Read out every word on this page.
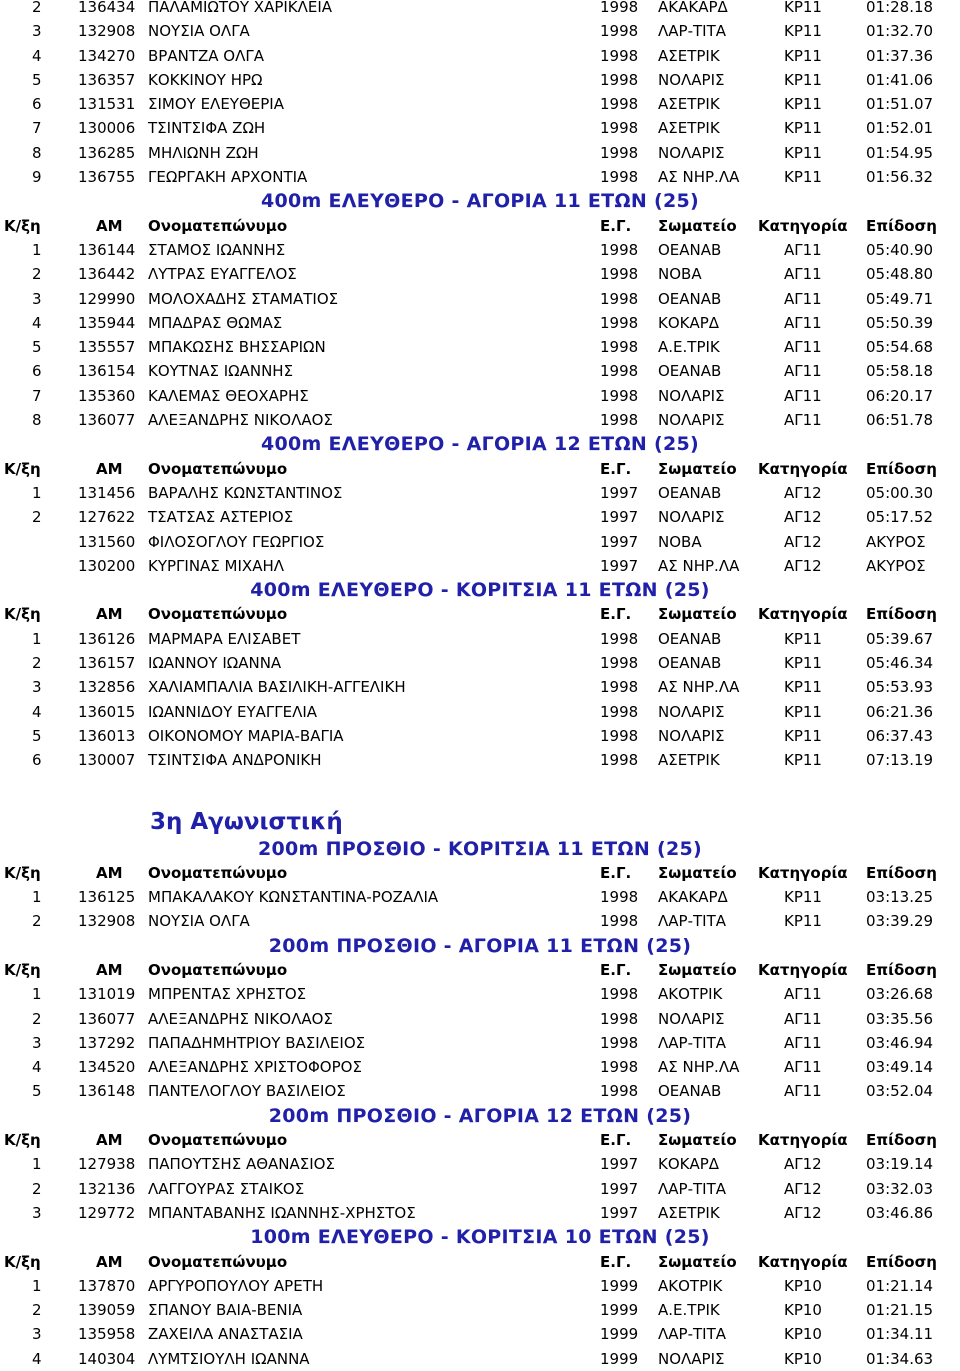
2 136434 ΠΑΛΑΜΙΩΤΟΥ ΧΑΡΙΚΛΕΙΑ	1998 ΑΚΑΚΑΡΔ	ΚΡ11	01:28.18
3 132908 ΝΟΥΣΙΑ ΟΛΓΑ	1998 ΛΑΡ-ΤΙΤΑ	ΚΡ11	01:32.70
4 134270 ΒΡΑΝΤΖΑ ΟΛΓΑ	1998 ΑΣΕΤΡΙΚ	ΚΡ11	01:37.36
5 136357 ΚΟΚΚΙΝΟΥ ΗΡΩ	1998 ΝΟΛΑΡΙΣ	ΚΡ11	01:41.06
6 131531 ΣΙΜΟΥ ΕΛΕΥΘΕΡΙΑ	1998 ΑΣΕΤΡΙΚ	ΚΡ11	01:51.07
7 130006 ΤΣΙΝΤΣΙΦΑ ΖΩΗ	1998 ΑΣΕΤΡΙΚ	ΚΡ11	01:52.01
8 136285 ΜΗΛΙΩΝΗ ΖΩΗ	1998 ΝΟΛΑΡΙΣ	ΚΡ11	01:54.95
9 136755 ΓΕΩΡΓΑΚΗ ΑΡΧΟΝΤΙΑ	1998 ΑΣ ΝΗΡ.ΛΑ	ΚΡ11	01:56.32
400m ΕΛΕΥΘΕΡΟ - ΑΓΟΡΙΑ 11 ΕΤΩΝ (25)
Κ/ξη	ΑΜ Ονοματεπώνυμο	Ε.Γ. Σωματείο Κατηγορία Επίδοση
1 136144 ΣΤΑΜΟΣ ΙΩΑΝΝΗΣ	1998 ΟΕΑΝΑΒ	ΑΓ11	05:40.90
2 136442 ΛΥΤΡΑΣ ΕΥΑΓΓΕΛΟΣ	1998 ΝΟΒΑ	ΑΓ11	05:48.80
3 129990 ΜΟΛΟΧΑΔΗΣ ΣΤΑΜΑΤΙΟΣ	1998 ΟΕΑΝΑΒ	ΑΓ11	05:49.71
4 135944 ΜΠΑΔΡΑΣ ΘΩΜΑΣ	1998 ΚΟΚΑΡΔ	ΑΓ11	05:50.39
5 135557 ΜΠΑΚΩΣΗΣ ΒΗΣΣΑΡΙΩΝ	1998 Α.Ε.ΤΡΙΚ	ΑΓ11	05:54.68
6 136154 ΚΟΥΤΝΑΣ ΙΩΑΝΝΗΣ	1998 ΟΕΑΝΑΒ	ΑΓ11	05:58.18
7 135360 ΚΑΛΕΜΑΣ ΘΕΟΧΑΡΗΣ	1998 ΝΟΛΑΡΙΣ	ΑΓ11	06:20.17
8 136077 ΑΛΕΞΑΝΔΡΗΣ ΝΙΚΟΛΑΟΣ	1998 ΝΟΛΑΡΙΣ	ΑΓ11	06:51.78
400m ΕΛΕΥΘΕΡΟ - ΑΓΟΡΙΑ 12 ΕΤΩΝ (25)
Κ/ξη	ΑΜ Ονοματεπώνυμο	Ε.Γ. Σωματείο Κατηγορία Επίδοση
1 131456 ΒΑΡΑΛΗΣ ΚΩΝΣΤΑΝΤΙΝΟΣ	1997 ΟΕΑΝΑΒ	ΑΓ12	05:00.30
2 127622 ΤΣΑΤΣΑΣ ΑΣΤΕΡΙΟΣ	1997 ΝΟΛΑΡΙΣ	ΑΓ12	05:17.52
131560 ΦΙΛΟΣΟΓΛΟΥ ΓΕΩΡΓΙΟΣ	1997 ΝΟΒΑ	ΑΓ12	ΑΚΥΡΟΣ
130200 ΚΥΡΓΙΝΑΣ ΜΙΧΑΗΛ	1997 ΑΣ ΝΗΡ.ΛΑ	ΑΓ12	ΑΚΥΡΟΣ
400m ΕΛΕΥΘΕΡΟ - ΚΟΡΙΤΣΙΑ 11 ΕΤΩΝ (25)
Κ/ξη	ΑΜ Ονοματεπώνυμο	Ε.Γ. Σωματείο Κατηγορία Επίδοση
1 136126 ΜΑΡΜΑΡΑ ΕΛΙΣΑΒΕΤ	1998 ΟΕΑΝΑΒ	ΚΡ11	05:39.67
2 136157 ΙΩΑΝΝΟΥ ΙΩΑΝΝΑ	1998 ΟΕΑΝΑΒ	ΚΡ11	05:46.34
3 132856 ΧΑΛΙΑΜΠΑΛΙΑ ΒΑΣΙΛΙΚΗ-ΑΓΓΕΛΙΚΗ	1998 ΑΣ ΝΗΡ.ΛΑ	ΚΡ11	05:53.93
4 136015 ΙΩΑΝΝΙΔΟΥ ΕΥΑΓΓΕΛΙΑ	1998 ΝΟΛΑΡΙΣ	ΚΡ11	06:21.36
5 136013 ΟΙΚΟΝΟΜΟΥ ΜΑΡΙΑ-ΒΑΓΙΑ	1998 ΝΟΛΑΡΙΣ	ΚΡ11	06:37.43
6 130007 ΤΣΙΝΤΣΙΦΑ ΑΝΔΡΟΝΙΚΗ	1998 ΑΣΕΤΡΙΚ	ΚΡ11	07:13.19
3η Αγωνιστική
200m ΠΡΟΣΘΙΟ - ΚΟΡΙΤΣΙΑ 11 ΕΤΩΝ (25)
Κ/ξη	ΑΜ Ονοματεπώνυμο	Ε.Γ. Σωματείο Κατηγορία Επίδοση
1 136125 ΜΠΑΚΑΛΑΚΟΥ ΚΩΝΣΤΑΝΤΙΝΑ-ΡΟΖΑΛΙΑ	1998 ΑΚΑΚΑΡΔ	ΚΡ11	03:13.25
2 132908 ΝΟΥΣΙΑ ΟΛΓΑ	1998 ΛΑΡ-ΤΙΤΑ	ΚΡ11	03:39.29
200m ΠΡΟΣΘΙΟ - ΑΓΟΡΙΑ 11 ΕΤΩΝ (25)
Κ/ξη	ΑΜ Ονοματεπώνυμο	Ε.Γ. Σωματείο Κατηγορία Επίδοση
1 131019 ΜΠΡΕΝΤΑΣ ΧΡΗΣΤΟΣ	1998 ΑΚΟΤΡΙΚ	ΑΓ11	03:26.68
2 136077 ΑΛΕΞΑΝΔΡΗΣ ΝΙΚΟΛΑΟΣ	1998 ΝΟΛΑΡΙΣ	ΑΓ11	03:35.56
3 137292 ΠΑΠΑΔΗΜΗΤΡΙΟΥ ΒΑΣΙΛΕΙΟΣ	1998 ΛΑΡ-ΤΙΤΑ	ΑΓ11	03:46.94
4 134520 ΑΛΕΞΑΝΔΡΗΣ ΧΡΙΣΤΟΦΟΡΟΣ	1998 ΑΣ ΝΗΡ.ΛΑ	ΑΓ11	03:49.14
5 136148 ΠΑΝΤΕΛΟΓΛΟΥ ΒΑΣΙΛΕΙΟΣ	1998 ΟΕΑΝΑΒ	ΑΓ11	03:52.04
200m ΠΡΟΣΘΙΟ - ΑΓΟΡΙΑ 12 ΕΤΩΝ (25)
Κ/ξη	ΑΜ Ονοματεπώνυμο	Ε.Γ. Σωματείο Κατηγορία Επίδοση
1 127938 ΠΑΠΟΥΤΣΗΣ ΑΘΑΝΑΣΙΟΣ	1997 ΚΟΚΑΡΔ	ΑΓ12	03:19.14
2 132136 ΛΑΓΓΟΥΡΑΣ ΣΤΑΙΚΟΣ	1997 ΛΑΡ-ΤΙΤΑ	ΑΓ12	03:32.03
3 129772 ΜΠΑΝΤΑΒΑΝΗΣ ΙΩΑΝΝΗΣ-ΧΡΗΣΤΟΣ	1997 ΑΣΕΤΡΙΚ	ΑΓ12	03:46.86
100m ΕΛΕΥΘΕΡΟ - ΚΟΡΙΤΣΙΑ 10 ΕΤΩΝ (25)
Κ/ξη	ΑΜ Ονοματεπώνυμο	Ε.Γ. Σωματείο Κατηγορία Επίδοση
1 137870 ΑΡΓΥΡΟΠΟΥΛΟΥ ΑΡΕΤΗ	1999 ΑΚΟΤΡΙΚ	ΚΡ10	01:21.14
2 139059 ΣΠΑΝΟΥ ΒΑΙΑ-ΒΕΝΙΑ	1999 Α.Ε.ΤΡΙΚ	ΚΡ10	01:21.15
3 135958 ΖΑΧΕΙΛΑ ΑΝΑΣΤΑΣΙΑ	1999 ΛΑΡ-ΤΙΤΑ	ΚΡ10	01:34.11
4 140304 ΛΥΜΤΣΙΟΥΛΗ ΙΩΑΝΝΑ	1999 ΝΟΛΑΡΙΣ	ΚΡ10	01:34.63
